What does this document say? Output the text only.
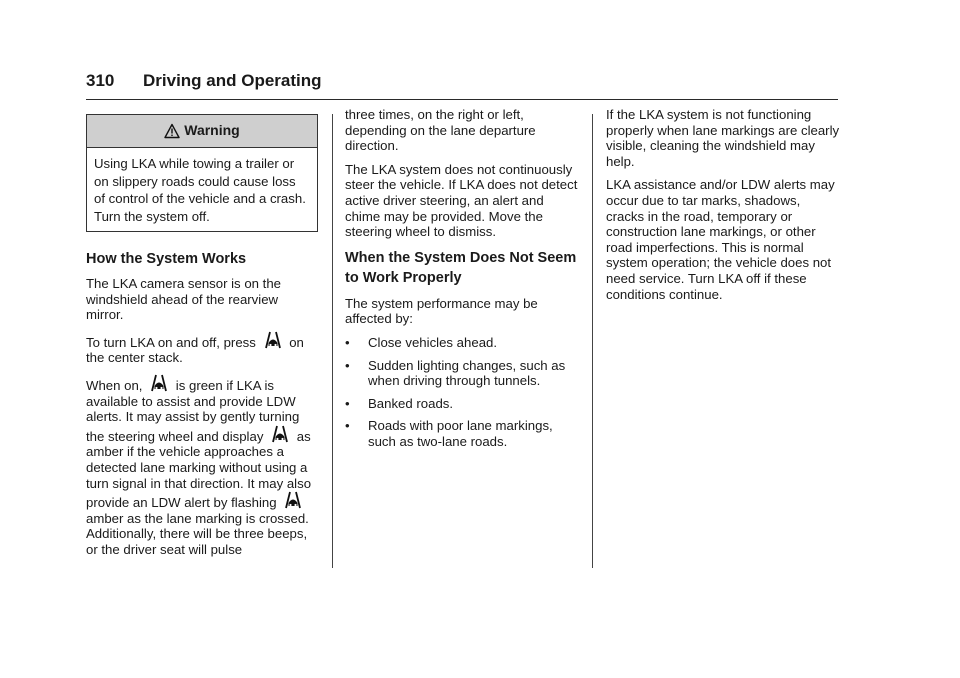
310 Driving and Operating
Warning
Using LKA while towing a trailer or on slippery roads could cause loss of control of the vehicle and a crash. Turn the system off.
How the System Works

The LKA camera sensor is on the windshield ahead of the rearview mirror.

To turn LKA on and off, press	on the center stack.

When on,	is green if LKA is available to assist and provide LDW alerts. It may assist by gently turning the steering wheel and display	as amber if the vehicle approaches a detected lane marking without using a turn signal in that direction. It may also provide an LDW alert by flashing  amber as the lane marking is crossed. Additionally, there will be three beeps, or the driver seat will pulse

three times, on the right or left, depending on the lane departure direction.

The LKA system does not continuously steer the vehicle. If LKA does not detect active driver steering, an alert and chime may be provided. Move the steering wheel to dismiss.

When the System Does Not Seem to Work Properly

The system performance may be affected by:

• Close vehicles ahead.
• Sudden lighting changes, such as when driving through tunnels.
• Banked roads.
• Roads with poor lane markings, such as two-lane roads.

If the LKA system is not functioning properly when lane markings are clearly visible, cleaning the windshield may help.

LKA assistance and/or LDW alerts may occur due to tar marks, shadows, cracks in the road, temporary or construction lane markings, or other road imperfections. This is normal system operation; the vehicle does not need service. Turn LKA off if these conditions continue.
